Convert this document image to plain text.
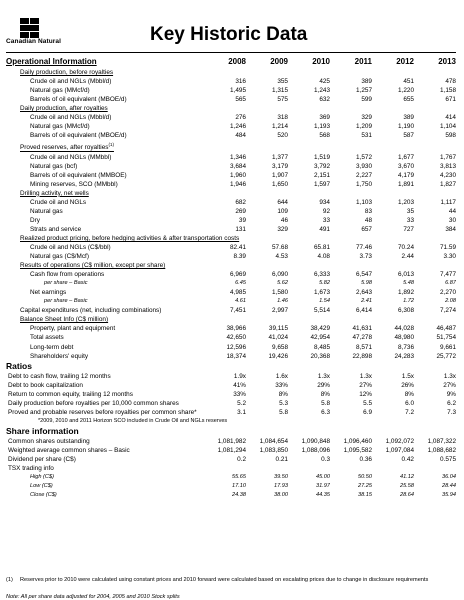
Canadian Natural	Key Historic Data
Operational Information	2008	2009	2010	2011	2012	2013
Daily production, before royalties						
Crude oil and NGLs (Mbbl/d)	316	355	425	389	451	478
Natural gas (MMcf/d)	1,495	1,315	1,243	1,257	1,220	1,158
Barrels of oil equivalent (MBOE/d)	565	575	632	599	655	671
Daily production, after royalties						
Crude oil and NGLs (Mbbl/d)	276	318	369	329	389	414
Natural gas (MMcf/d)	1,246	1,214	1,193	1,209	1,190	1,104
Barrels of oil equivalent (MBOE/d)	484	520	568	531	587	598
Proved reserves, after royalties$^{(1)}$
Crude oil and NGLs (MMbbl)	1,346	1,377	1,519	1,572	1,677	1,767
Natural gas (bcf)	3,684	3,179	3,792	3,930	3,670	3,813
Barrels of oil equivalent (MMBOE)	1,960	1,907	2,151	2,227	4,179	4,230
Mining reserves, SCO (MMbbl)	1,946	1,650	1,597	1,750	1,891	1,827
Drilling activity, net wells						
Crude oil and NGLs	682	644	934	1,103	1,203	1,117
Natural gas	269	109	92	83	35	44
Dry	39	46	33	48	33	30
Strats and service	131	329	491	657	727	384
Realized product pricing, before hedging activities & after transportation costs						
Crude oil and NGLs (C$/bbl)	82.41	57.68	65.81	77.46	70.24	71.59
Natural gas (C$/Mcf)	8.39	4.53	4.08	3.73	2.44	3.30
Results of operations (C$ million, except per share)						
Cash flow from operations	6,969	6,090	6,333	6,547	6,013	7,477
per share – Basic	6.45	5.62	5.82	5.98	5.48	6.87
Net earnings	4,985	1,580	1,673	2,643	1,892	2,270
per share – Basic	4.61	1.46	1.54	2.41	1.72	2.08
Capital expenditures (net, including combinations)	7,451	2,997	5,514	6,414	6,308	7,274
Balance Sheet Info (C$ million)						
Property, plant and equipment	38,966	39,115	38,429	41,631	44,028	46,487
Total assets	42,650	41,024	42,954	47,278	48,980	51,754
Long-term debt	12,596	9,658	8,485	8,571	8,736	9,661
Shareholders' equity	18,374	19,426	20,368	22,898	24,283	25,772
Ratios						
Debt to cash flow, trailing 12 months	1.9x	1.6x	1.3x	1.3x	1.5x	1.3x
Debt to book capitalization	41%	33%	29%	27%	26%	27%
Return to common equity, trailing 12 months	33%	8%	8%	12%	8%	9%
Daily production before royalties per 10,000 common shares	5.2	5.3	5.8	5.5	6.0	6.2
Proved and probable reserves before royalties per common share*	3.1	5.8	6.3	6.9	7.2	7.3
*2009, 2010 and 2011 Horizon SCO included in Crude Oil and NGLs reserves						
Share information						
Common shares outstanding	1,081,982	1,084,654	1,090,848	1,096,460	1,092,072	1,087,322
Weighted average common shares – Basic	1,081,294	1,083,850	1,088,096	1,095,582	1,097,084	1,088,682
Dividend per share (C$)	0.2	0.21	0.3	0.36	0.42	0.575
TSX trading info						
High (C$)	55.65	39.50	45.00	50.50	41.12	36.04
Low (C$)	17.10	17.93	31.97	27.25	25.58	28.44
Close (C$)	24.38	38.00	44.35	38.15	28.64	35.94
(1) Reserves prior to 2010 were calculated using constant prices and 2010 forward were calculated based on escalating prices due to change in disclosure requirements
Note: All per share data adjusted for 2004, 2005 and 2010 Stock splits
